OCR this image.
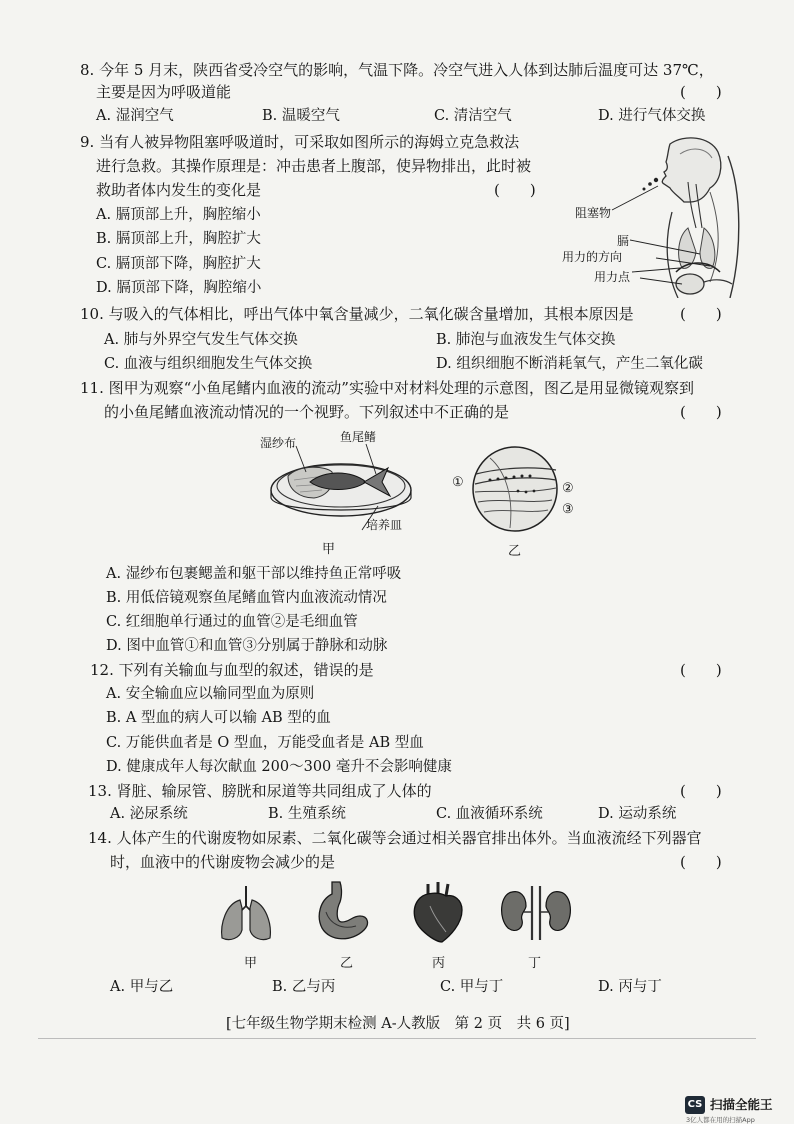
8. 今年 5 月末，陕西省受冷空气的影响，气温下降。冷空气进入人体到达肺后温度可达 37℃，
主要是因为呼吸道能	(　　)
A. 湿润空气	B. 温暖空气	C. 清洁空气	D. 进行气体交换
9. 当有人被异物阻塞呼吸道时，可采取如图所示的海姆立克急救法
进行急救。其操作原理是：冲击患者上腹部，使异物排出，此时被
救助者体内发生的变化是	(　　)
A. 膈顶部上升，胸腔缩小
B. 膈顶部上升，胸腔扩大
C. 膈顶部下降，胸腔扩大
D. 膈顶部下降，胸腔缩小
阻塞物
膈
用力的方向
用力点
10. 与吸入的气体相比，呼出气体中氧含量减少，二氧化碳含量增加，其根本原因是	(　　)
A. 肺与外界空气发生气体交换	B. 肺泡与血液发生气体交换
C. 血液与组织细胞发生气体交换	D. 组织细胞不断消耗氧气，产生二氧化碳
11. 图甲为观察“小鱼尾鳍内血液的流动”实验中对材料处理的示意图，图乙是用显微镜观察到
的小鱼尾鳍血液流动情况的一个视野。下列叙述中不正确的是	(　　)
湿纱布	鱼尾鳍
培养皿
甲
①	②
③
乙
A. 湿纱布包裹鳃盖和躯干部以维持鱼正常呼吸
B. 用低倍镜观察鱼尾鳍血管内血液流动情况
C. 红细胞单行通过的血管②是毛细血管
D. 图中血管①和血管③分别属于静脉和动脉
12. 下列有关输血与血型的叙述，错误的是	(　　)
A. 安全输血应以输同型血为原则
B. A 型血的病人可以输 AB 型的血
C. 万能供血者是 O 型血，万能受血者是 AB 型血
D. 健康成年人每次献血 200～300 毫升不会影响健康
13. 肾脏、输尿管、膀胱和尿道等共同组成了人体的	(　　)
A. 泌尿系统	B. 生殖系统	C. 血液循环系统	D. 运动系统
14. 人体产生的代谢废物如尿素、二氧化碳等会通过相关器官排出体外。当血液流经下列器官
时，血液中的代谢废物会减少的是	(　　)
甲	乙	丙	丁
A. 甲与乙	B. 乙与丙	C. 甲与丁	D. 丙与丁
[七年级生物学期末检测 A-人教版　第 2 页　共 6 页]
CS 扫描全能王
3亿人都在用的扫描App
